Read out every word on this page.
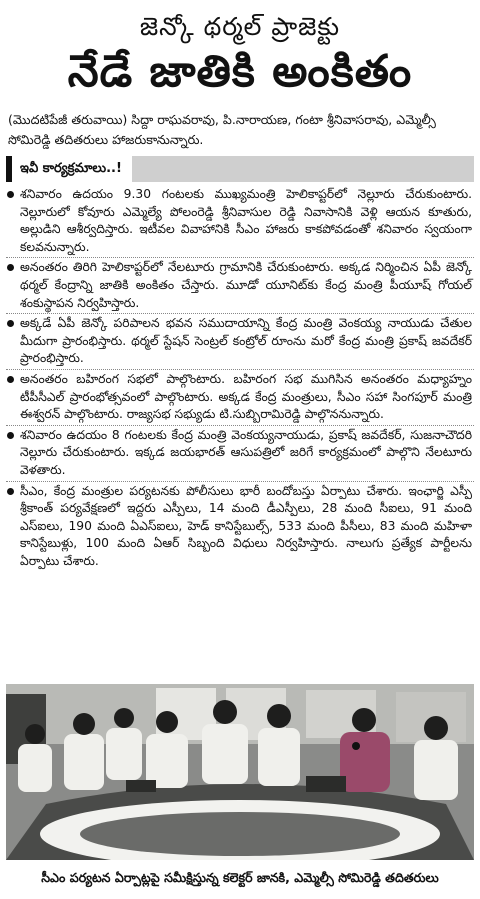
జెన్కో థర్మల్ ప్రాజెక్టు
నేడే జాతికి అంకితం
(మొదటిపేజీ తరువాయి) సిద్దా రాఘవరావు, పి.నారాయణ, గంటా శ్రీనివాసరావు, ఎమ్మెల్సీ సోమిరెడ్డి తదితరులు హాజరుకానున్నారు.
ఇవీ కార్యక్రమాలు..!
శనివారం ఉదయం 9.30 గంటలకు ముఖ్యమంత్రి హెలికాప్టర్‌లో నెల్లూరు చేరుకుంటారు. నెల్లూరులో కోవూరు ఎమ్మెల్యే పోలంరెడ్డి శ్రీనివాసుల రెడ్డి నివాసానికి వెళ్లి ఆయన కూతురు, అల్లుడిని ఆశీర్వదిస్తారు. ఇటీవల వివాహానికి సీఎం హాజరు కాకపోవడంతో శనివారం స్వయంగా కలవనున్నారు.
అనంతరం తిరిగి హెలికాప్టర్‌లో నేలటూరు గ్రామానికి చేరుకుంటారు. అక్కడ నిర్మించిన ఏపీ జెన్కో థర్మల్ కేంద్రాన్ని జాతికి అంకితం చేస్తారు. మూడో యూనిట్‌కు కేంద్ర మంత్రి పీయూష్ గోయల్ శంకుస్థాపన నిర్వహిస్తారు.
అక్కడే ఏపీ జెన్కో పరిపాలన భవన సముదాయాన్ని కేంద్ర మంత్రి వెంకయ్య నాయుడు చేతుల మీదుగా ప్రారంభిస్తారు. థర్మల్ స్టేషన్ సెంట్రల్ కంట్రోల్ రూంను మరో కేంద్ర మంత్రి ప్రకాష్ జవదేకర్ ప్రారంభిస్తారు.
అనంతరం బహిరంగ సభలో పాల్గొంటారు. బహిరంగ సభ ముగిసిన అనంతరం మధ్యాహ్నం టీపీసీఎల్ ప్రారంభోత్సవంలో పాల్గొంటారు. అక్కడ కేంద్ర మంత్రులు, సీఎం సహా సింగపూర్ మంత్రి ఈశ్వరన్ పాల్గొంటారు. రాజ్యసభ సభ్యుడు టి.సుబ్బిరామిరెడ్డి పాల్గొననున్నారు.
శనివారం ఉదయం 8 గంటలకు కేంద్ర మంత్రి వెంకయ్యనాయుడు, ప్రకాష్ జవదేకర్, సుజనాచౌదరి నెల్లూరు చేరుకుంటారు. ఇక్కడ జయభారత్ ఆసుపత్రిలో జరిగే కార్యక్రమంలో పాల్గొని నేలటూరు వెళతారు.
సీఎం, కేంద్ర మంత్రుల పర్యటనకు పోలీసులు భారీ బందోబస్తు ఏర్పాటు చేశారు. ఇంఛార్జి ఎస్పీ శ్రీకాంత్ పర్యవేక్షణలో ఇద్దరు ఎస్పీలు, 14 మంది డీఎస్పీలు, 28 మంది సీఐలు, 91 మంది ఎస్ఐలు, 190 మంది ఏఎస్ఐలు, హెడ్ కానిస్టేబుల్స్, 533 మంది పీసీలు, 83 మంది మహిళా కానిస్టేబుళ్లు, 100 మంది ఏఆర్ సిబ్బంది విధులు నిర్వహిస్తారు. నాలుగు ప్రత్యేక పార్టీలను ఏర్పాటు చేశారు.
సీఎం పర్యటన ఏర్పాట్లపై సమీక్షిస్తున్న కలెక్టర్ జానకి, ఎమ్మెల్సీ సోమిరెడ్డి తదితరులు
